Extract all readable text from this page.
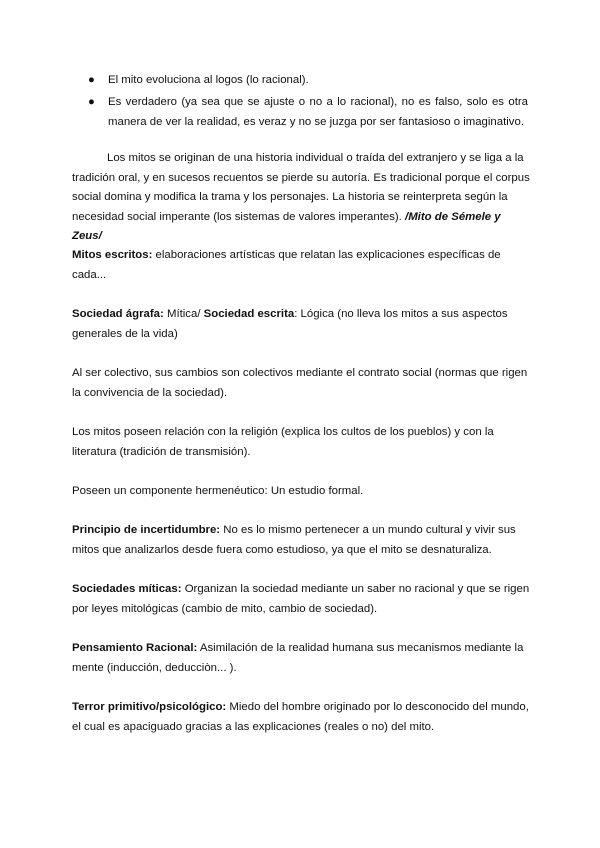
● El mito evoluciona al logos (lo racional).
● Es verdadero (ya sea que se ajuste o no a lo racional), no es falso, solo es otra manera de ver la realidad, es veraz y no se juzga por ser fantasioso o imaginativo.

Los mitos se originan de una historia individual o traída del extranjero y se liga a la tradición oral, y en sucesos recuentos se pierde su autoría. Es tradicional porque el corpus social domina y modifica la trama y los personajes. La historia se reinterpreta según la necesidad social imperante (los sistemas de valores imperantes). /Mito de Sémele y Zeus/

Mitos escritos: elaboraciones artísticas que relatan las explicaciones específicas de cada...

Sociedad ágrafa: Mítica/ Sociedad escrita: Lógica (no lleva los mitos a sus aspectos generales de la vida)

Al ser colectivo, sus cambios son colectivos mediante el contrato social (normas que rigen la convivencia de la sociedad).

Los mitos poseen relación con la religión (explica los cultos de los pueblos) y con la literatura (tradición de transmisión).

Poseen un componente hermenéutico: Un estudio formal.

Principio de incertidumbre: No es lo mismo pertenecer a un mundo cultural y vivir sus mitos que analizarlos desde fuera como estudioso, ya que el mito se desnaturaliza.

Sociedades míticas: Organizan la sociedad mediante un saber no racional y que se rigen por leyes mitológicas (cambio de mito, cambio de sociedad).

Pensamiento Racional: Asimilación de la realidad humana sus mecanismos mediante la mente (inducción, deducciòn... ).

Terror primitivo/psicológico: Miedo del hombre originado por lo desconocido del mundo, el cual es apaciguado gracias a las explicaciones (reales o no) del mito.
